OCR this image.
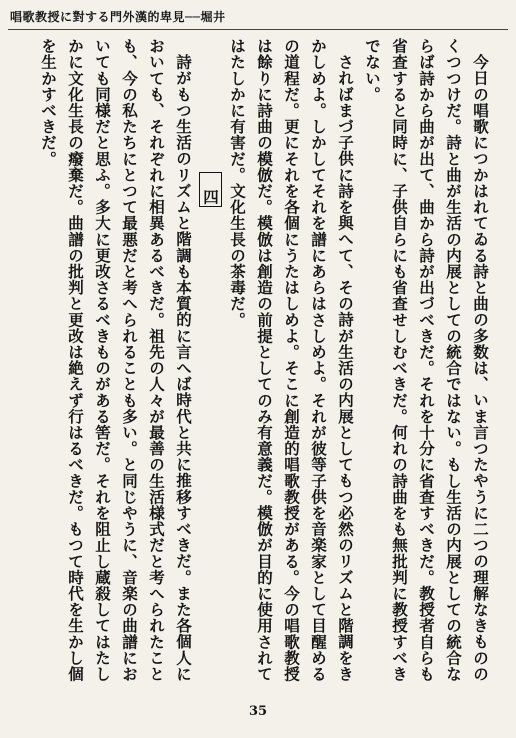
唱歌教授に對する門外漢的卑見──堀井

今日の唱歌につかはれてゐる詩と曲の多数は、いま言つたやうに二つの理解なきもののくつつけだ。詩と曲が生活の内展としての統合ではない。もし生活の内展としての統合ならば詩から曲が出て、曲から詩が出づべきだ。それを十分に省査すべきだ。教授者自らも省査すると同時に、子供自らにも省査せしむべきだ。何れの詩曲をも無批判に教授すべきでない。

さればまづ子供に詩を與へて、その詩が生活の内展としてもつ必然のリズムと階調をきかしめよ。しかしてそれを譜にあらはさしめよ。それが彼等子供を音楽家として目醒めるの道程だ。更にそれを各個にうたはしめよ。そこに創造的唱歌教授がある。今の唱歌教授は餘りに詩曲の模倣だ。模倣は創造の前提としてのみ有意義だ。模倣が目的に使用されてはたしかに有害だ。文化生長の茶毒だ。

四

詩がもつ生活のリズムと階調も本質的に言へば時代と共に推移すべきだ。また各個人においても、それぞれに相異あるべきだ。祖先の人々が最善の生活様式だと考へられたことも、今の私たちにとつて最悪だと考へられることも多い。と同じやうに、音楽の曲譜においても同様だと思ふ。多大に更改さるべきものがある筈だ。それを阻止し蔵殺してはたしかに文化生長の癈棄だ。曲譜の批判と更改は絶えず行はるべきだ。もつて時代を生かし個を生かすべきだ。

35
